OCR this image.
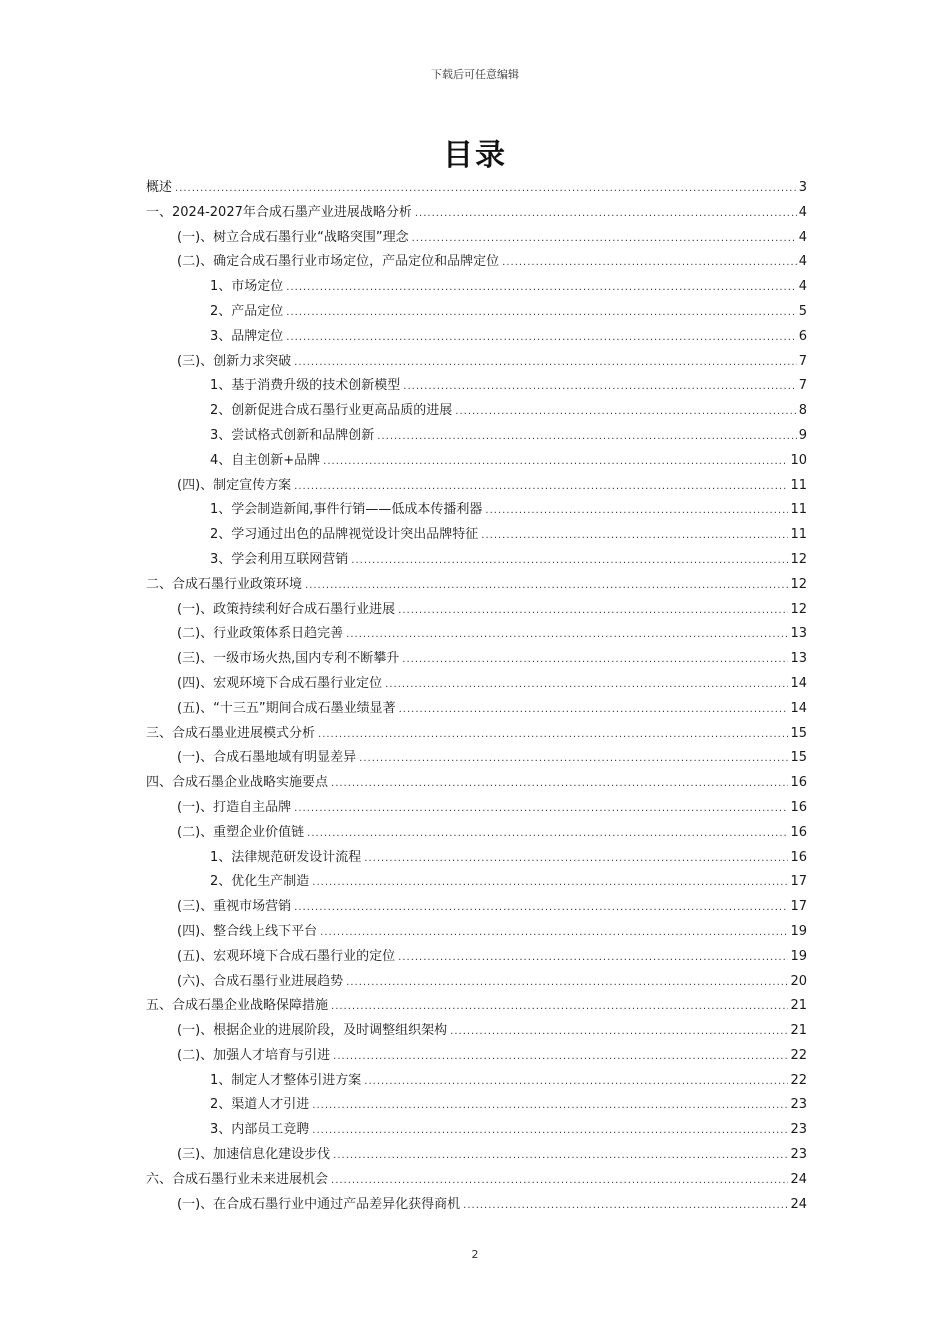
下载后可任意编辑
目录
概述 .....	3
一、2024-2027年合成石墨产业进展战略分析 .....	4
(一)、树立合成石墨行业“战略突围”理念 .....	4
(二)、确定合成石墨行业市场定位，产品定位和品牌定位 .....	4
1、市场定位 .....	4
2、产品定位 .....	5
3、品牌定位 .....	6
(三)、创新力求突破 .....	7
1、基于消费升级的技术创新模型 .....	7
2、创新促进合成石墨行业更高品质的进展 .....	8
3、尝试格式创新和品牌创新 .....	9
4、自主创新+品牌 .....	10
(四)、制定宣传方案 .....	11
1、学会制造新闻,事件行销——低成本传播利器 .....	11
2、学习通过出色的品牌视觉设计突出品牌特征 .....	11
3、学会利用互联网营销 .....	12
二、合成石墨行业政策环境 .....	12
(一)、政策持续利好合成石墨行业进展 .....	12
(二)、行业政策体系日趋完善 .....	13
(三)、一级市场火热,国内专利不断攀升 .....	13
(四)、宏观环境下合成石墨行业定位 .....	14
(五)、“十三五”期间合成石墨业绩显著 .....	14
三、合成石墨业进展模式分析 .....	15
(一)、合成石墨地域有明显差异 .....	15
四、合成石墨企业战略实施要点 .....	16
(一)、打造自主品牌 .....	16
(二)、重塑企业价值链 .....	16
1、法律规范研发设计流程 .....	16
2、优化生产制造 .....	17
(三)、重视市场营销 .....	17
(四)、整合线上线下平台 .....	19
(五)、宏观环境下合成石墨行业的定位 .....	19
(六)、合成石墨行业进展趋势 .....	20
五、合成石墨企业战略保障措施 .....	21
(一)、根据企业的进展阶段，及时调整组织架构 .....	21
(二)、加强人才培育与引进 .....	22
1、制定人才整体引进方案 .....	22
2、渠道人才引进 .....	23
3、内部员工竞聘 .....	23
(三)、加速信息化建设步伐 .....	23
六、合成石墨行业未来进展机会 .....	24
(一)、在合成石墨行业中通过产品差异化获得商机 .....	24
2
